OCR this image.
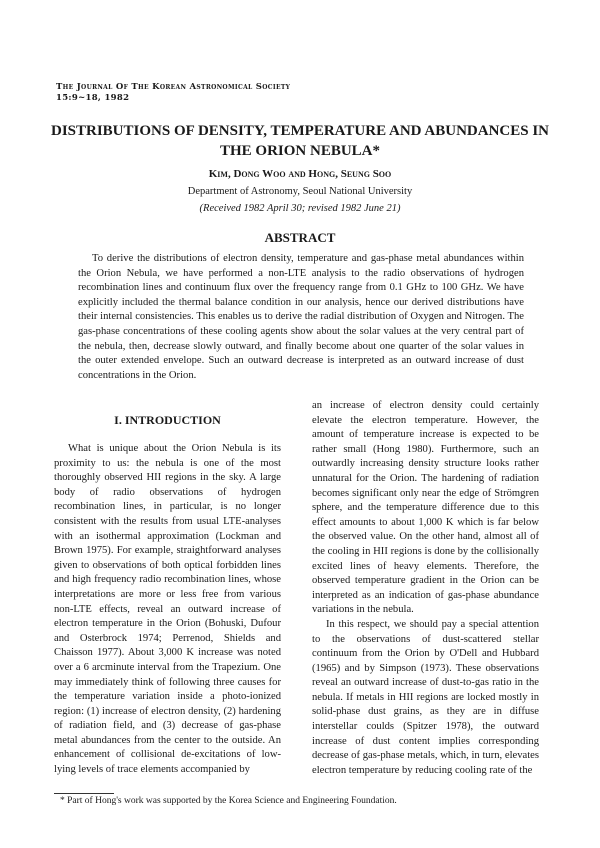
The Journal Of The Korean Astronomical Society
15:9~18, 1982
DISTRIBUTIONS OF DENSITY, TEMPERATURE AND ABUNDANCES IN THE ORION NEBULA*
Kim, Dong Woo and Hong, Seung Soo
Department of Astronomy, Seoul National University
(Received 1982 April 30; revised 1982 June 21)
ABSTRACT
To derive the distributions of electron density, temperature and gas-phase metal abundances within the Orion Nebula, we have performed a non-LTE analysis to the radio observations of hydrogen recombination lines and continuum flux over the frequency range from 0.1 GHz to 100 GHz. We have explicitly included the thermal balance condition in our analysis, hence our derived distributions have their internal consistencies. This enables us to derive the radial distribution of Oxygen and Nitrogen. The gas-phase concentrations of these cooling agents show about the solar values at the very central part of the nebula, then, decrease slowly outward, and finally become about one quarter of the solar values in the outer extended envelope. Such an outward decrease is interpreted as an outward increase of dust concentrations in the Orion.
I. INTRODUCTION

What is unique about the Orion Nebula is its proximity to us: the nebula is one of the most thoroughly observed HII regions in the sky. A large body of radio observations of hydrogen recombination lines, in particular, is no longer consistent with the results from usual LTE-analyses with an isothermal approximation (Lockman and Brown 1975). For example, straightforward analyses given to observations of both optical forbidden lines and high frequency radio recombination lines, whose interpretations are more or less free from various non-LTE effects, reveal an outward increase of electron temperature in the Orion (Bohuski, Dufour and Osterbrock 1974; Perrenod, Shields and Chaisson 1977). About 3,000 K increase was noted over a 6 arcminute interval from the Trapezium. One may immediately think of following three causes for the temperature variation inside a photo-ionized region: (1) increase of electron density, (2) hardening of radiation field, and (3) decrease of gas-phase metal abundances from the center to the outside. An enhancement of collisional de-excitations of low-lying levels of trace elements accompanied by

an increase of electron density could certainly elevate the electron temperature. However, the amount of temperature increase is expected to be rather small (Hong 1980). Furthermore, such an outwardly increasing density structure looks rather unnatural for the Orion. The hardening of radiation becomes significant only near the edge of Strömgren sphere, and the temperature difference due to this effect amounts to about 1,000 K which is far below the observed value. On the other hand, almost all of the cooling in HII regions is done by the collisionally excited lines of heavy elements. Therefore, the observed temperature gradient in the Orion can be interpreted as an indication of gas-phase abundance variations in the nebula.

In this respect, we should pay a special attention to the observations of dust-scattered stellar continuum from the Orion by O'Dell and Hubbard (1965) and by Simpson (1973). These observations reveal an outward increase of dust-to-gas ratio in the nebula. If metals in HII regions are locked mostly in solid-phase dust grains, as they are in diffuse interstellar coulds (Spitzer 1978), the outward increase of dust content implies corresponding decrease of gas-phase metals, which, in turn, elevates electron temperature by reducing cooling rate of the

* Part of Hong's work was supported by the Korea Science and Engineering Foundation.
